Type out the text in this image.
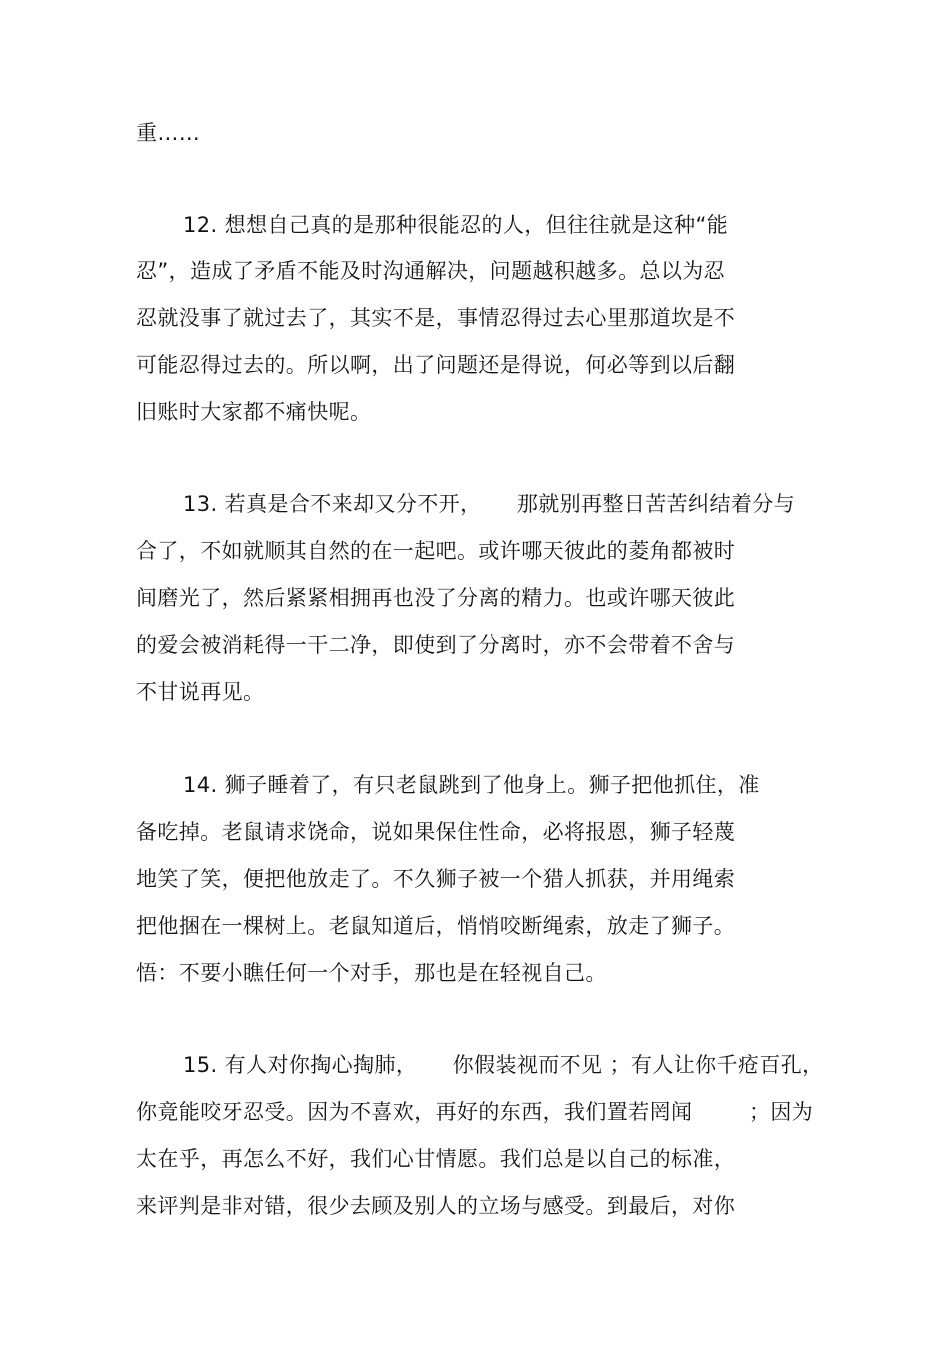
重……
12. 想想自己真的是那种很能忍的人，但往往就是这种“能
忍”，造成了矛盾不能及时沟通解决，问题越积越多。总以为忍
忍就没事了就过去了，其实不是，事情忍得过去心里那道坎是不
可能忍得过去的。所以啊，出了问题还是得说，何必等到以后翻
旧账时大家都不痛快呢。
13. 若真是合不来却又分不开，     那就别再整日苦苦纠结着分与
合了，不如就顺其自然的在一起吧。或许哪天彼此的菱角都被时
间磨光了，然后紧紧相拥再也没了分离的精力。也或许哪天彼此
的爱会被消耗得一干二净，即使到了分离时，亦不会带着不舍与
不甘说再见。
14. 狮子睡着了，有只老鼠跳到了他身上。狮子把他抓住，准
备吃掉。老鼠请求饶命，说如果保住性命，必将报恩，狮子轻蔑
地笑了笑，便把他放走了。不久狮子被一个猎人抓获，并用绳索
把他捆在一棵树上。老鼠知道后，悄悄咬断绳索，放走了狮子。
悟：不要小瞧任何一个对手，那也是在轻视自己。
15. 有人对你掏心掏肺，     你假装视而不见 ；有人让你千疮百孔，
你竟能咬牙忍受。因为不喜欢，再好的东西，我们置若罔闻        ；因为
太在乎，再怎么不好，我们心甘情愿。我们总是以自己的标准，
来评判是非对错，很少去顾及别人的立场与感受。到最后，对你
